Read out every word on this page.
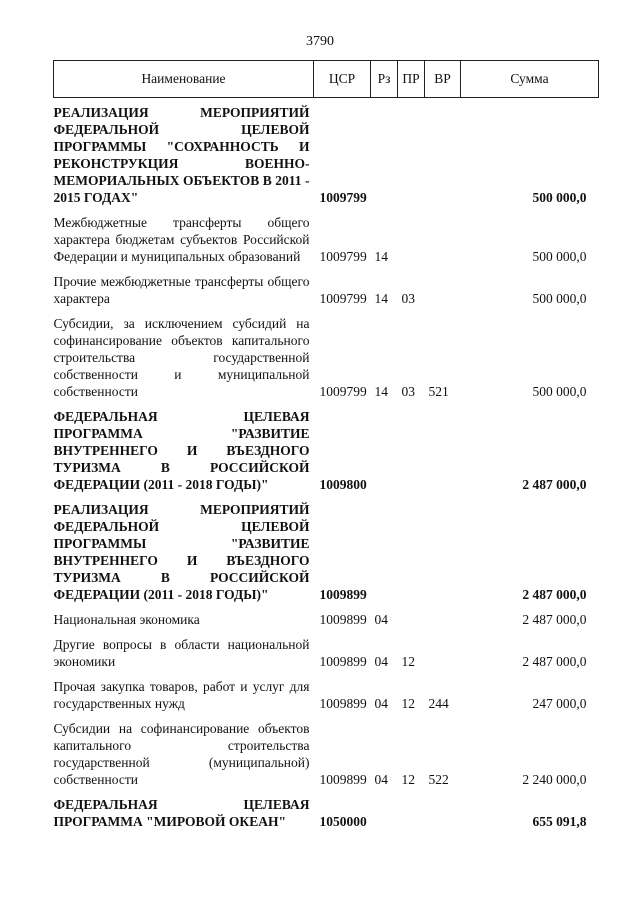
3790
Наименование	ЦСР	Рз	ПР	ВР	Сумма
РЕАЛИЗАЦИЯ МЕРОПРИЯТИЙ ФЕДЕРАЛЬНОЙ ЦЕЛЕВОЙ ПРОГРАММЫ "СОХРАННОСТЬ И РЕКОНСТРУКЦИЯ ВОЕННО-МЕМОРИАЛЬНЫХ ОБЪЕКТОВ В 2011 - 2015 ГОДАХ"	1009799				500 000,0
Межбюджетные трансферты общего характера бюджетам субъектов Российской Федерации и муниципальных образований	1009799	14			500 000,0
Прочие межбюджетные трансферты общего характера	1009799	14	03		500 000,0
Субсидии, за исключением субсидий на софинансирование объектов капитального строительства государственной собственности и муниципальной собственности	1009799	14	03	521	500 000,0
ФЕДЕРАЛЬНАЯ ЦЕЛЕВАЯ ПРОГРАММА "РАЗВИТИЕ ВНУТРЕННЕГО И ВЪЕЗДНОГО ТУРИЗМА В РОССИЙСКОЙ ФЕДЕРАЦИИ (2011 - 2018 ГОДЫ)"	1009800				2 487 000,0
РЕАЛИЗАЦИЯ МЕРОПРИЯТИЙ ФЕДЕРАЛЬНОЙ ЦЕЛЕВОЙ ПРОГРАММЫ "РАЗВИТИЕ ВНУТРЕННЕГО И ВЪЕЗДНОГО ТУРИЗМА В РОССИЙСКОЙ ФЕДЕРАЦИИ (2011 - 2018 ГОДЫ)"	1009899				2 487 000,0
Национальная экономика	1009899	04			2 487 000,0
Другие вопросы в области национальной экономики	1009899	04	12		2 487 000,0
Прочая закупка товаров, работ и услуг для государственных нужд	1009899	04	12	244	247 000,0
Субсидии на софинансирование объектов капитального строительства государственной (муниципальной) собственности	1009899	04	12	522	2 240 000,0
ФЕДЕРАЛЬНАЯ ЦЕЛЕВАЯ ПРОГРАММА "МИРОВОЙ ОКЕАН"	1050000				655 091,8
